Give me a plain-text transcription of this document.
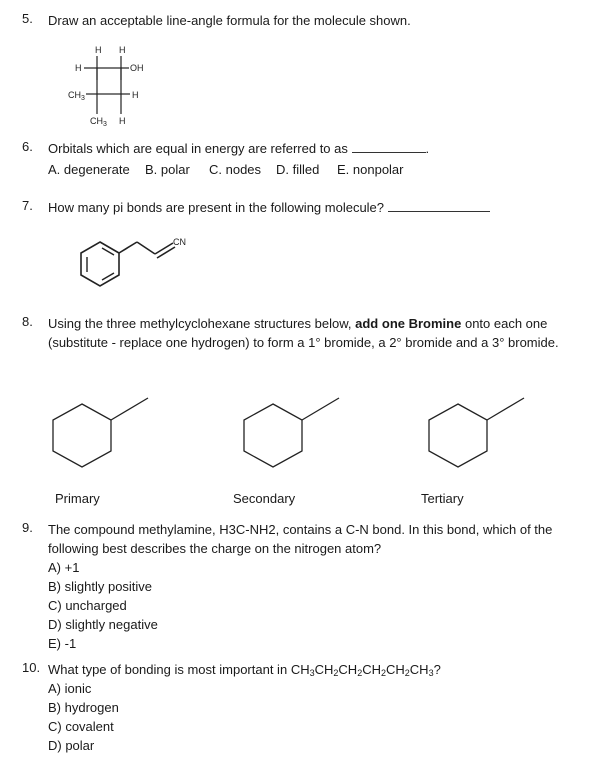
5. Draw an acceptable line-angle formula for the molecule shown.
H H
H	OH
$CH_3$	H
$CH_3$ H
6. Orbitals which are equal in energy are referred to as	.
A. degenerate B. polar C. nodes D. filled E. nonpolar
7. How many pi bonds are present in the following molecule?
CN
8. Using the three methylcyclohexane structures below, add one Bromine onto each one
(substitute - replace one hydrogen) to form a 1° bromide, a 2° bromide and a 3° bromide.
Primary	Secondary	Tertiary
9. The compound methylamine, H3C-NH2, contains a C-N bond. In this bond, which of the
following best describes the charge on the nitrogen atom?
A) +1
B) slightly positive
C) uncharged
D) slightly negative
E) -1
10. What type of bonding is most important in $CH_3CH_2CH_2CH_2CH_2CH_3$?
A) ionic
B) hydrogen
C) covalent
D) polar
